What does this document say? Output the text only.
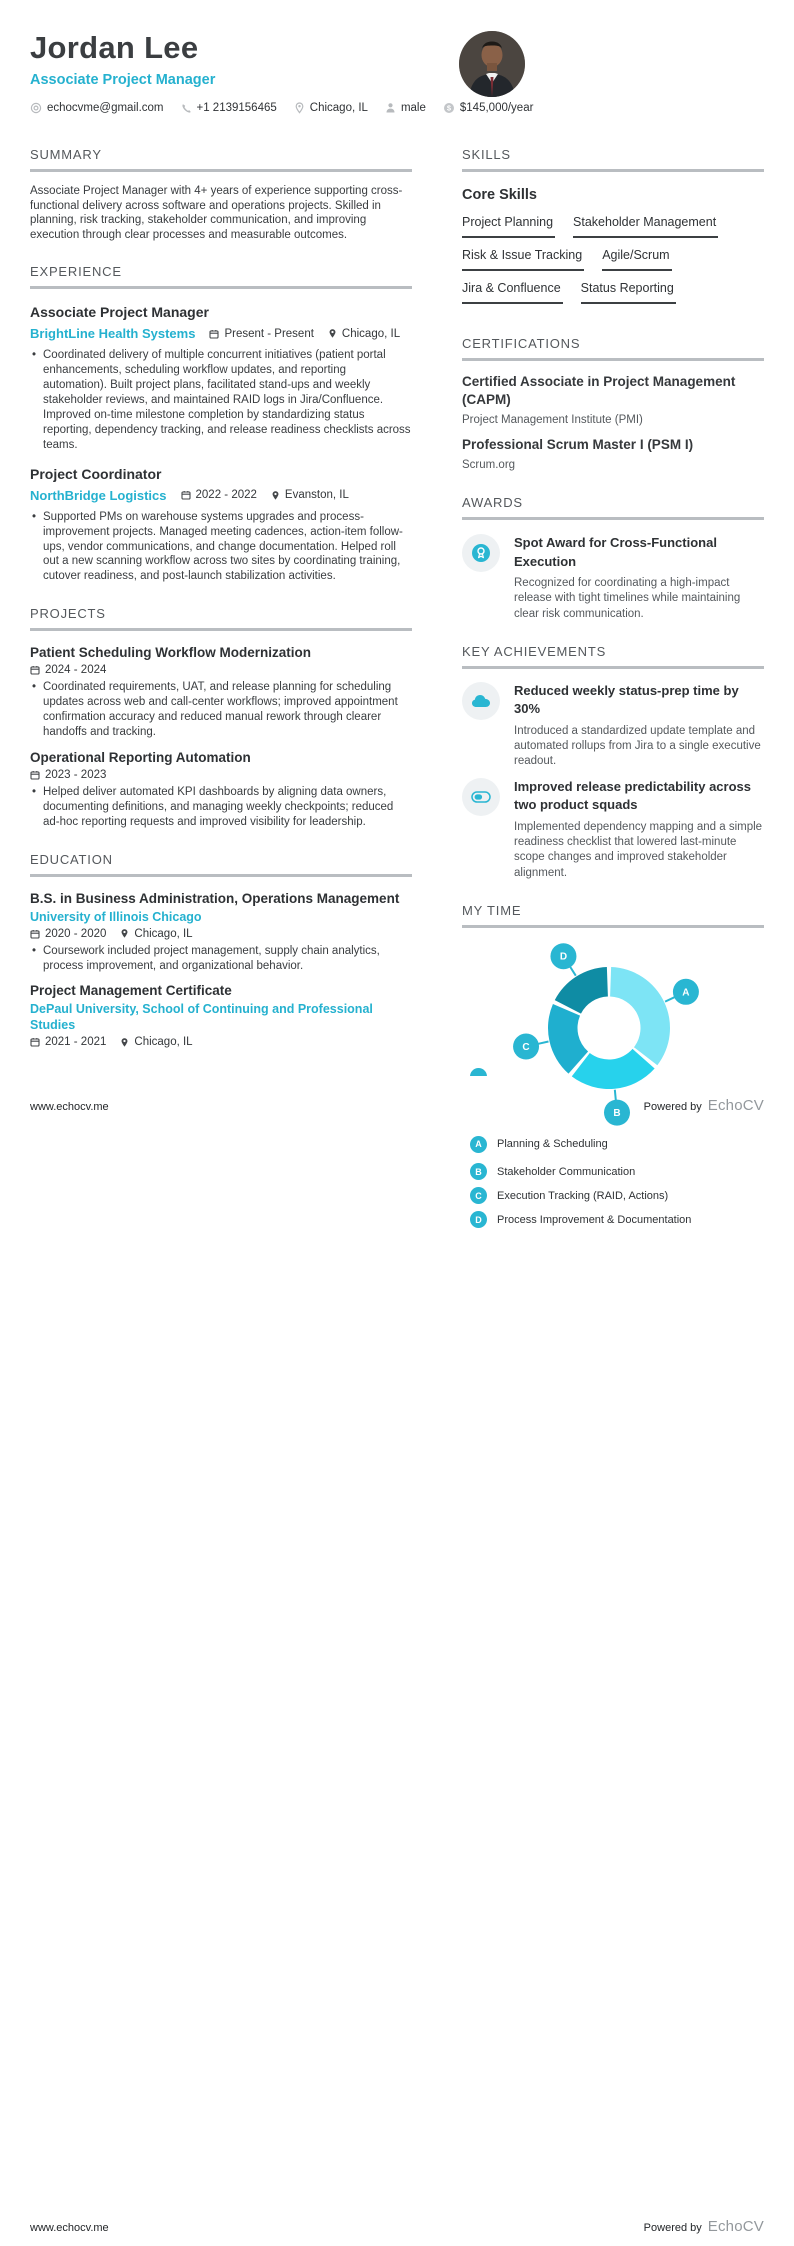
Jordan Lee
Associate Project Manager
echocvme@gmail.com	+1 2139156465	Chicago, IL	male	$ $145,000/year
SUMMARY
Associate Project Manager with 4+ years of experience supporting cross-functional delivery across software and operations projects. Skilled in planning, risk tracking, stakeholder communication, and improving execution through clear processes and measurable outcomes.
EXPERIENCE
Associate Project Manager
BrightLine Health Systems	Present - Present Chicago, IL
• Coordinated delivery of multiple concurrent initiatives (patient portal enhancements, scheduling workflow updates, and reporting automation). Built project plans, facilitated stand-ups and weekly stakeholder reviews, and maintained RAID logs in Jira/Confluence. Improved on-time milestone completion by standardizing status reporting, dependency tracking, and release readiness checklists across teams.
Project Coordinator
NorthBridge Logistics	2022 - 2022 Evanston, IL
• Supported PMs on warehouse systems upgrades and process-improvement projects. Managed meeting cadences, action-item follow-ups, vendor communications, and change documentation. Helped roll out a new scanning workflow across two sites by coordinating training, cutover readiness, and post-launch stabilization activities.
PROJECTS
Patient Scheduling Workflow Modernization
2024 - 2024
• Coordinated requirements, UAT, and release planning for scheduling updates across web and call-center workflows; improved appointment confirmation accuracy and reduced manual rework through clearer handoffs and tracking.
Operational Reporting Automation
2023 - 2023
• Helped deliver automated KPI dashboards by aligning data owners, documenting definitions, and managing weekly checkpoints; reduced ad-hoc reporting requests and improved visibility for leadership.
EDUCATION
B.S. in Business Administration, Operations Management
University of Illinois Chicago
2020 - 2020 Chicago, IL
• Coursework included project management, supply chain analytics, process improvement, and organizational behavior.
Project Management Certificate
DePaul University, School of Continuing and Professional Studies
2021 - 2021 Chicago, IL
SKILLS
Core Skills
Project Planning Stakeholder Management
Risk & Issue Tracking Agile/Scrum
Jira & Confluence Status Reporting
CERTIFICATIONS
Certified Associate in Project Management (CAPM)
Project Management Institute (PMI)
Professional Scrum Master I (PSM I)
Scrum.org
AWARDS
Spot Award for Cross-Functional Execution
Recognized for coordinating a high-impact release with tight timelines while maintaining clear risk communication.
KEY ACHIEVEMENTS
Reduced weekly status-prep time by 30%
Introduced a standardized update template and automated rollups from Jira to a single executive readout.
Improved release predictability across two product squads
Implemented dependency mapping and a simple readiness checklist that lowered last-minute scope changes and improved stakeholder alignment.
MY TIME
A
B
C
D
A	Planning & Scheduling
www.echocv.me	Powered by EchoCV
B	Stakeholder Communication
C	Execution Tracking (RAID, Actions)
D	Process Improvement & Documentation
www.echocv.me	Powered by EchoCV
